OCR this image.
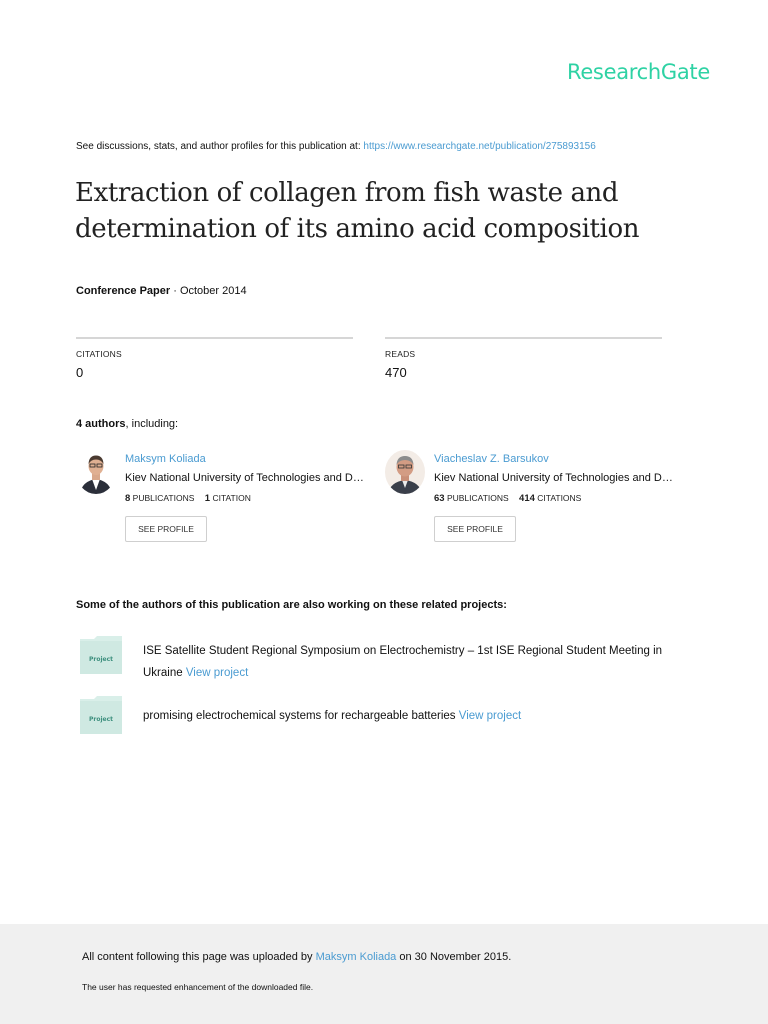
ResearchGate
See discussions, stats, and author profiles for this publication at: https://www.researchgate.net/publication/275893156
Extraction of collagen from fish waste and determination of its amino acid composition
Conference Paper · October 2014
CITATIONS
0
READS
470
4 authors, including:
Maksym Koliada
Kiev National University of Technologies and D…
8 PUBLICATIONS 1 CITATION
SEE PROFILE
Viacheslav Z. Barsukov
Kiev National University of Technologies and D…
63 PUBLICATIONS 414 CITATIONS
SEE PROFILE
Some of the authors of this publication are also working on these related projects:
Project
ISE Satellite Student Regional Symposium on Electrochemistry – 1st ISE Regional Student Meeting in Ukraine View project
Project	promising electrochemical systems for rechargeable batteries View project
All content following this page was uploaded by Maksym Koliada on 30 November 2015.
The user has requested enhancement of the downloaded file.
